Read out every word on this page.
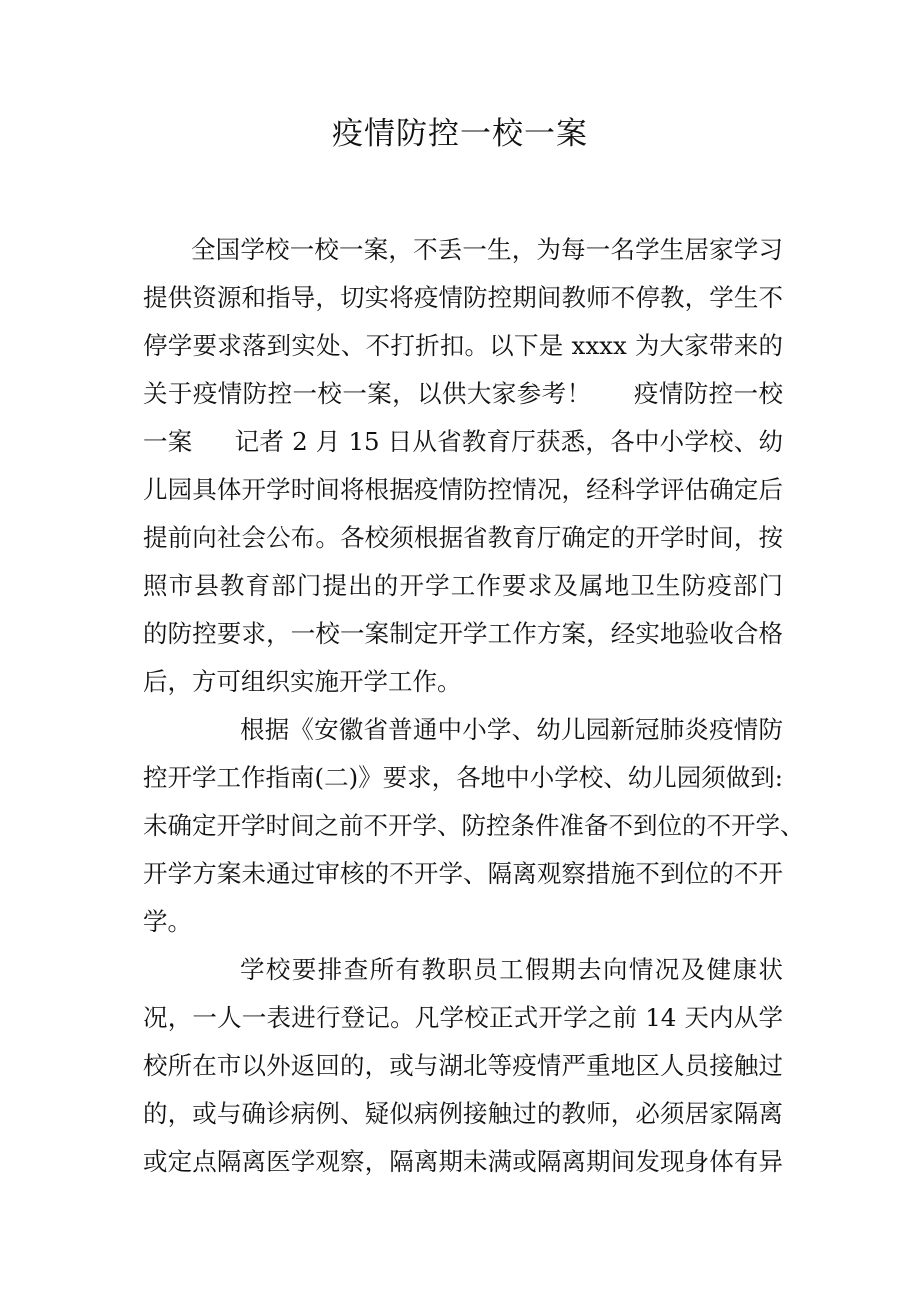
疫情防控一校一案
全国学校一校一案，不丢一生，为每一名学生居家学习
提供资源和指导，切实将疫情防控期间教师不停教，学生不
停学要求落到实处、不打折扣。以下是 xxxx 为大家带来的
关于疫情防控一校一案，以供大家参考！ 疫情防控一校
一案 记者 2 月 15 日从省教育厅获悉，各中小学校、幼
儿园具体开学时间将根据疫情防控情况，经科学评估确定后
提前向社会公布。各校须根据省教育厅确定的开学时间，按
照市县教育部门提出的开学工作要求及属地卫生防疫部门
的防控要求，一校一案制定开学工作方案，经实地验收合格
后，方可组织实施开学工作。
根据《安徽省普通中小学、幼儿园新冠肺炎疫情防
控开学工作指南(二)》要求，各地中小学校、幼儿园须做到:
未确定开学时间之前不开学、防控条件准备不到位的不开学、
开学方案未通过审核的不开学、隔离观察措施不到位的不开
学。
学校要排查所有教职员工假期去向情况及健康状
况，一人一表进行登记。凡学校正式开学之前 14 天内从学
校所在市以外返回的，或与湖北等疫情严重地区人员接触过
的，或与确诊病例、疑似病例接触过的教师，必须居家隔离
或定点隔离医学观察，隔离期未满或隔离期间发现身体有异
